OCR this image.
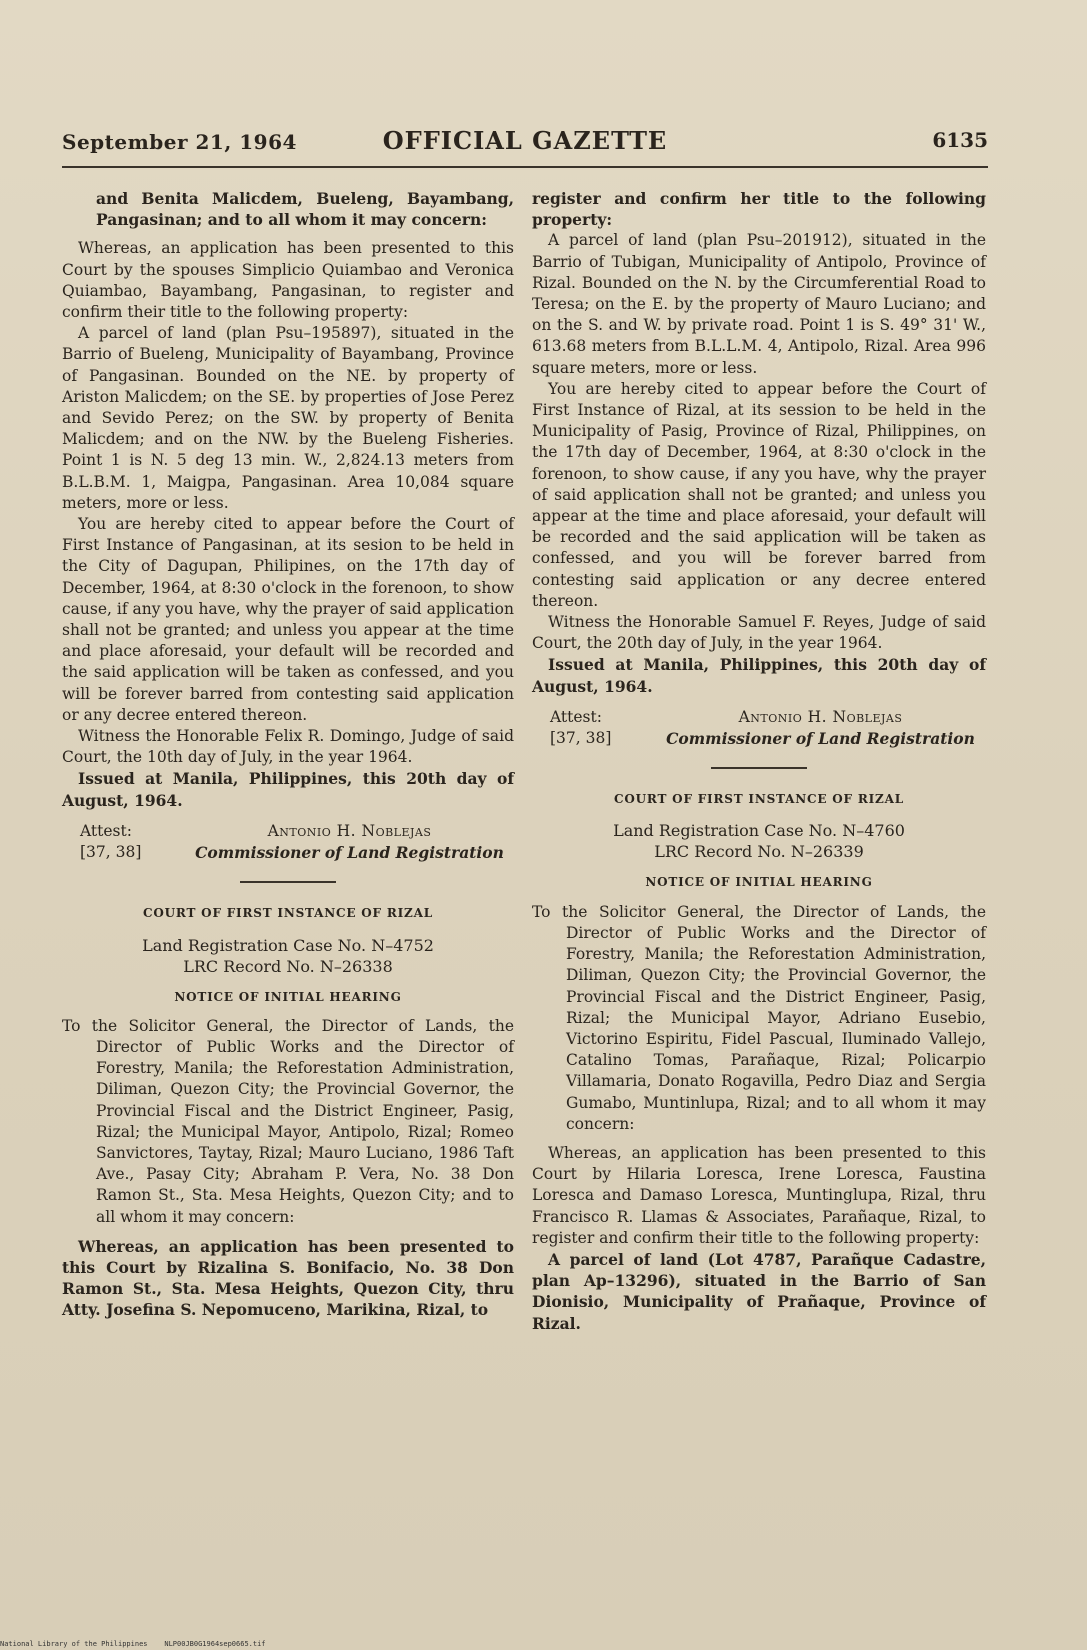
September 21, 1964	OFFICIAL GAZETTE	6135

and Benita Malicdem, Bueleng, Bayambang, Pangasinan; and to all whom it may concern:

Whereas, an application has been presented to this Court by the spouses Simplicio Quiambao and Veronica Quiambao, Bayambang, Pangasinan, to register and confirm their title to the following property:

A parcel of land (plan Psu–195897), situated in the Barrio of Bueleng, Municipality of Bayambang, Province of Pangasinan. Bounded on the NE. by property of Ariston Malicdem; on the SE. by properties of Jose Perez and Sevido Perez; on the SW. by property of Benita Malicdem; and on the NW. by the Bueleng Fisheries. Point 1 is N. 5 deg 13 min. W., 2,824.13 meters from B.L.B.M. 1, Maigpa, Pangasinan. Area 10,084 square meters, more or less.

You are hereby cited to appear before the Court of First Instance of Pangasinan, at its sesion to be held in the City of Dagupan, Philipines, on the 17th day of December, 1964, at 8:30 o'clock in the forenoon, to show cause, if any you have, why the prayer of said application shall not be granted; and unless you appear at the time and place aforesaid, your default will be recorded and the said application will be taken as confessed, and you will be forever barred from contesting said application or any decree entered thereon.

Witness the Honorable Felix R. Domingo, Judge of said Court, the 10th day of July, in the year 1964.

Issued at Manila, Philippines, this 20th day of August, 1964.

Attest:
[37, 38]
Antonio H. Noblejas
Commissioner of Land Registration
COURT OF FIRST INSTANCE OF RIZAL
Land Registration Case No. N–4752
LRC Record No. N–26338
NOTICE OF INITIAL HEARING

To the Solicitor General, the Director of Lands, the Director of Public Works and the Director of Forestry, Manila; the Reforestation Administration, Diliman, Quezon City; the Provincial Governor, the Provincial Fiscal and the District Engineer, Pasig, Rizal; the Municipal Mayor, Antipolo, Rizal; Romeo Sanvictores, Taytay, Rizal; Mauro Luciano, 1986 Taft Ave., Pasay City; Abraham P. Vera, No. 38 Don Ramon St., Sta. Mesa Heights, Quezon City; and to all whom it may concern:

Whereas, an application has been presented to this Court by Rizalina S. Bonifacio, No. 38 Don Ramon St., Sta. Mesa Heights, Quezon City, thru Atty. Josefina S. Nepomuceno, Marikina, Rizal, to

register and confirm her title to the following property:

A parcel of land (plan Psu–201912), situated in the Barrio of Tubigan, Municipality of Antipolo, Province of Rizal. Bounded on the N. by the Circumferential Road to Teresa; on the E. by the property of Mauro Luciano; and on the S. and W. by private road. Point 1 is S. 49° 31' W., 613.68 meters from B.L.L.M. 4, Antipolo, Rizal. Area 996 square meters, more or less.

You are hereby cited to appear before the Court of First Instance of Rizal, at its session to be held in the Municipality of Pasig, Province of Rizal, Philippines, on the 17th day of December, 1964, at 8:30 o'clock in the forenoon, to show cause, if any you have, why the prayer of said application shall not be granted; and unless you appear at the time and place aforesaid, your default will be recorded and the said application will be taken as confessed, and you will be forever barred from contesting said application or any decree entered thereon.

Witness the Honorable Samuel F. Reyes, Judge of said Court, the 20th day of July, in the year 1964.

Issued at Manila, Philippines, this 20th day of August, 1964.

Attest:
[37, 38]
Antonio H. Noblejas
Commissioner of Land Registration
COURT OF FIRST INSTANCE OF RIZAL
Land Registration Case No. N–4760
LRC Record No. N–26339
NOTICE OF INITIAL HEARING

To the Solicitor General, the Director of Lands, the Director of Public Works and the Director of Forestry, Manila; the Reforestation Administration, Diliman, Quezon City; the Provincial Governor, the Provincial Fiscal and the District Engineer, Pasig, Rizal; the Municipal Mayor, Adriano Eusebio, Victorino Espiritu, Fidel Pascual, Iluminado Vallejo, Catalino Tomas, Parañaque, Rizal; Policarpio Villamaria, Donato Rogavilla, Pedro Diaz and Sergia Gumabo, Muntinlupa, Rizal; and to all whom it may concern:

Whereas, an application has been presented to this Court by Hilaria Loresca, Irene Loresca, Faustina Loresca and Damaso Loresca, Muntinglupa, Rizal, thru Francisco R. Llamas & Associates, Parañaque, Rizal, to register and confirm their title to the following property:

A parcel of land (Lot 4787, Parañque Cadastre, plan Ap–13296), situated in the Barrio of San Dionisio, Municipality of Prañaque, Province of Rizal.

National Library of the Philippines NLP00JB0G1964sep0665.tif
